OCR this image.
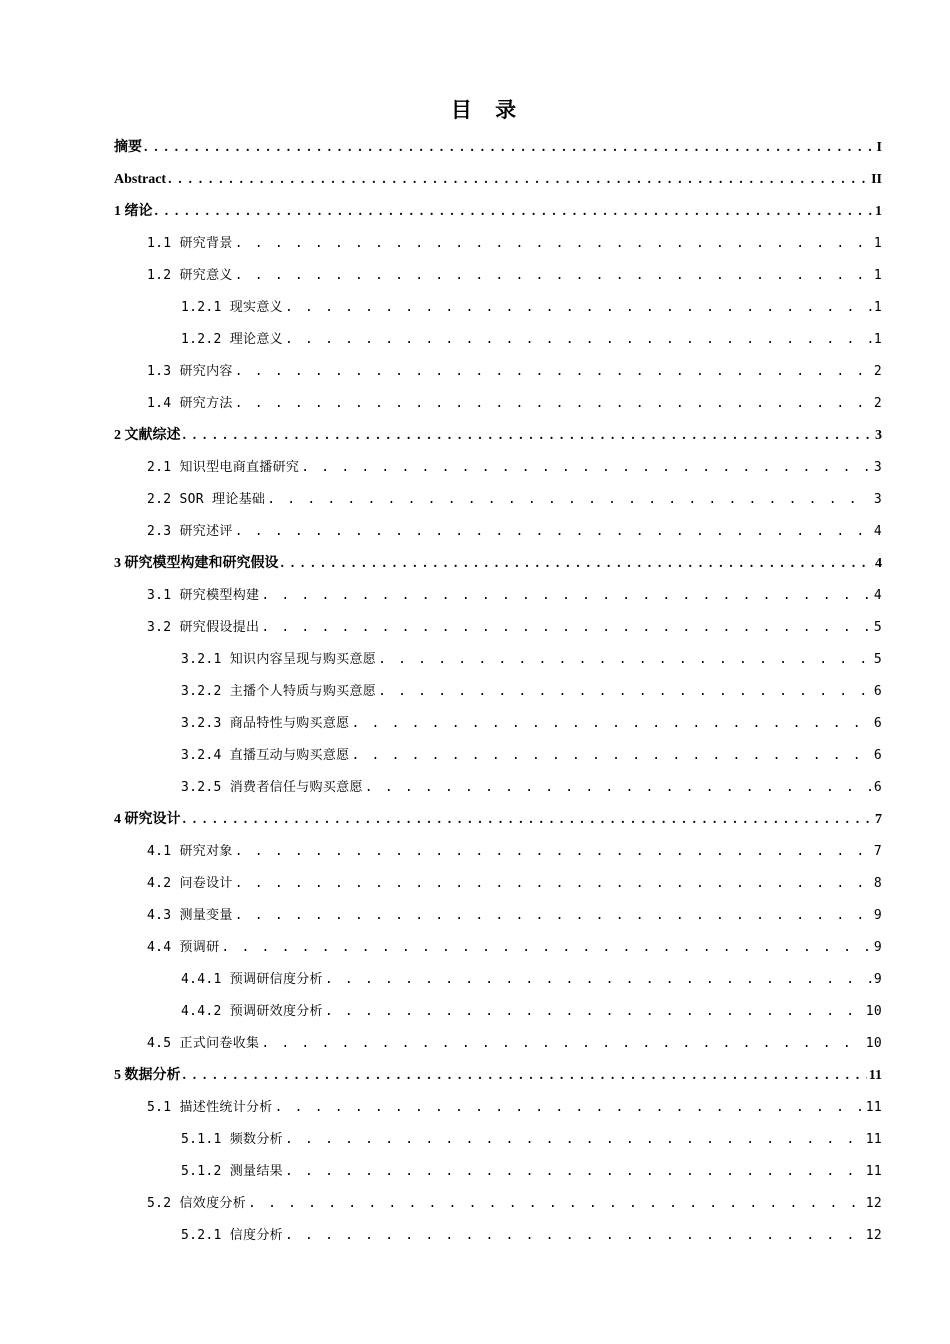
目 录
摘要 . . .	I
Abstract . . .	II
1 绪论 . . .	1
1.1 研究背景 . . .	1
1.2 研究意义 . . .	1
1.2.1 现实意义 . . .	1
1.2.2 理论意义 . . .	1
1.3 研究内容 . . .	2
1.4 研究方法 . . .	2
2 文献综述 . . .	3
2.1 知识型电商直播研究 . . .	3
2.2 SOR 理论基础 . . .	3
2.3 研究述评 . . .	4
3 研究模型构建和研究假设 . . .	4
3.1 研究模型构建 . . .	4
3.2 研究假设提出 . . .	5
3.2.1 知识内容呈现与购买意愿 . . .	5
3.2.2 主播个人特质与购买意愿 . . .	6
3.2.3 商品特性与购买意愿 . . .	6
3.2.4 直播互动与购买意愿 . . .	6
3.2.5 消费者信任与购买意愿 . . .	6
4 研究设计 . . .	7
4.1 研究对象 . . .	7
4.2 问卷设计 . . .	8
4.3 测量变量 . . .	9
4.4 预调研 . . .	9
4.4.1 预调研信度分析 . . .	9
4.4.2 预调研效度分析 . . .	10
4.5 正式问卷收集 . . .	10
5 数据分析 . . .	11
5.1 描述性统计分析 . . .	11
5.1.1 频数分析 . . .	11
5.1.2 测量结果 . . .	11
5.2 信效度分析 . . .	12
5.2.1 信度分析 . . .	12
